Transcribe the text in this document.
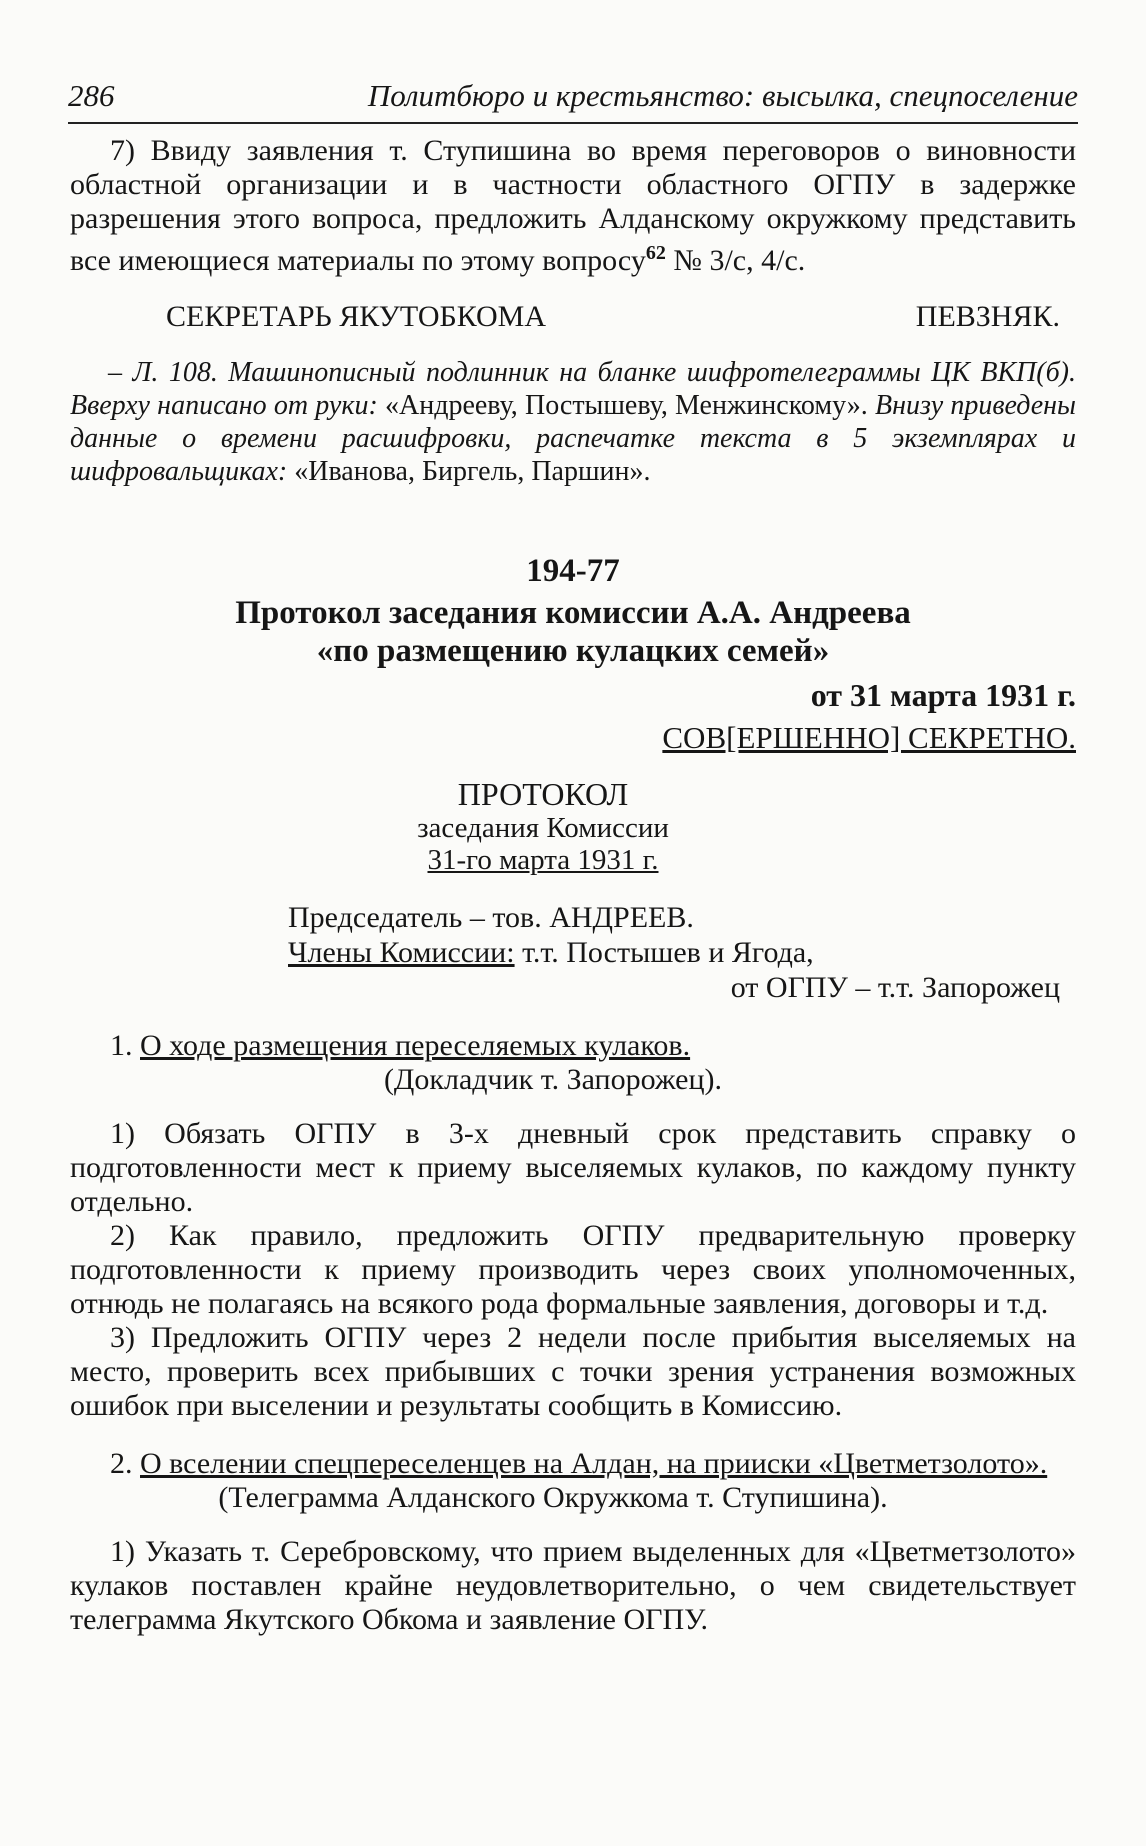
286	Политбюро и крестьянство: высылка, спецпоселение

7) Ввиду заявления т. Ступишина во время переговоров о виновности областной организации и в частности областного ОГПУ в задержке разрешения этого вопроса, предложить Алданскому окружкому представить все имеющиеся материалы по этому вопросу$^{62}$ № 3/с, 4/с.

СЕКРЕТАРЬ ЯКУТОБКОМА	ПЕВЗНЯК.

– Л. 108. Машинописный подлинник на бланке шифротелеграммы ЦК ВКП(б). Вверху написано от руки: «Андрееву, Постышеву, Менжинскому». Внизу приведены данные о времени расшифровки, распечатке текста в 5 экземплярах и шифровальщиках: «Иванова, Биргель, Паршин».

194-77
Протокол заседания комиссии А.А. Андреева
«по размещению кулацких семей»
от 31 марта 1931 г.
СОВ[ЕРШЕННО] СЕКРЕТНО.
ПРОТОКОЛ
заседания Комиссии
31-го марта 1931 г.
Председатель – тов. АНДРЕЕВ.
Члены Комиссии: т.т. Постышев и Ягода,
от ОГПУ – т.т. Запорожец
1. О ходе размещения переселяемых кулаков.
(Докладчик т. Запорожец).

1) Обязать ОГПУ в 3-х дневный срок представить справку о подготовленности мест к приему выселяемых кулаков, по каждому пункту отдельно.

2) Как правило, предложить ОГПУ предварительную проверку подготовленности к приему производить через своих уполномоченных, отнюдь не полагаясь на всякого рода формальные заявления, договоры и т.д.

3) Предложить ОГПУ через 2 недели после прибытия выселяемых на место, проверить всех прибывших с точки зрения устранения возможных ошибок при выселении и результаты сообщить в Комиссию.

2. О вселении спецпереселенцев на Алдан, на прииски «Цветметзолото».

(Телеграмма Алданского Окружкома т. Ступишина).

1) Указать т. Серебровскому, что прием выделенных для «Цветметзолото» кулаков поставлен крайне неудовлетворительно, о чем свидетельствует телеграмма Якутского Обкома и заявление ОГПУ.
